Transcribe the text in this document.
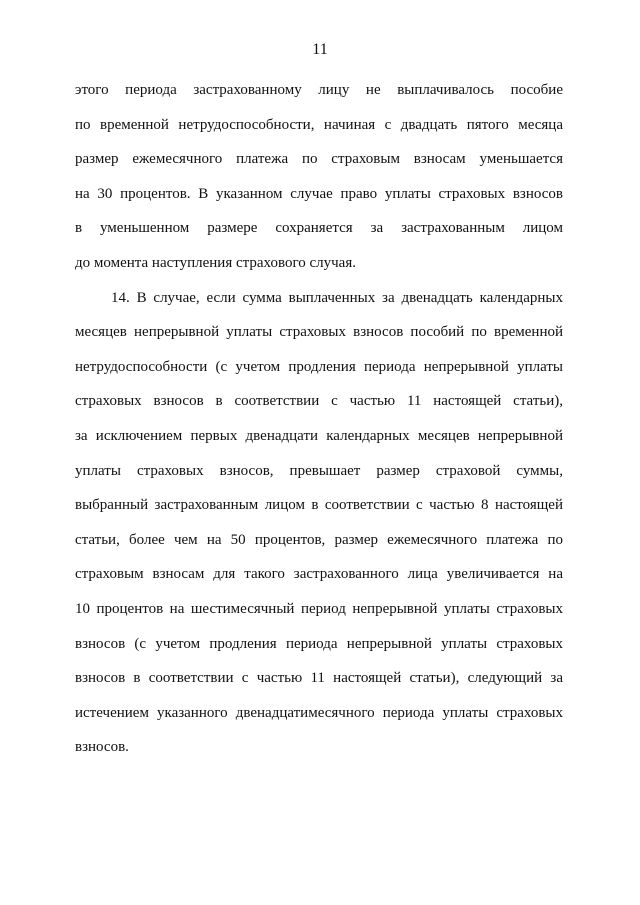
11
этого периода застрахованному лицу не выплачивалось пособие
по временной нетрудоспособности, начиная с двадцать пятого месяца
размер ежемесячного платежа по страховым взносам уменьшается
на 30 процентов. В указанном случае право уплаты страховых взносов
в уменьшенном размере сохраняется за застрахованным лицом
до момента наступления страхового случая.
14. В случае, если сумма выплаченных за двенадцать календарных
месяцев непрерывной уплаты страховых взносов пособий по временной
нетрудоспособности (с учетом продления периода непрерывной уплаты
страховых взносов в соответствии с частью 11 настоящей статьи),
за исключением первых двенадцати календарных месяцев непрерывной
уплаты страховых взносов, превышает размер страховой суммы,
выбранный застрахованным лицом в соответствии с частью 8 настоящей
статьи, более чем на 50 процентов, размер ежемесячного платежа по
страховым взносам для такого застрахованного лица увеличивается на
10 процентов на шестимесячный период непрерывной уплаты страховых
взносов (с учетом продления периода непрерывной уплаты страховых
взносов в соответствии с частью 11 настоящей статьи), следующий за
истечением указанного двенадцатимесячного периода уплаты страховых
взносов.
